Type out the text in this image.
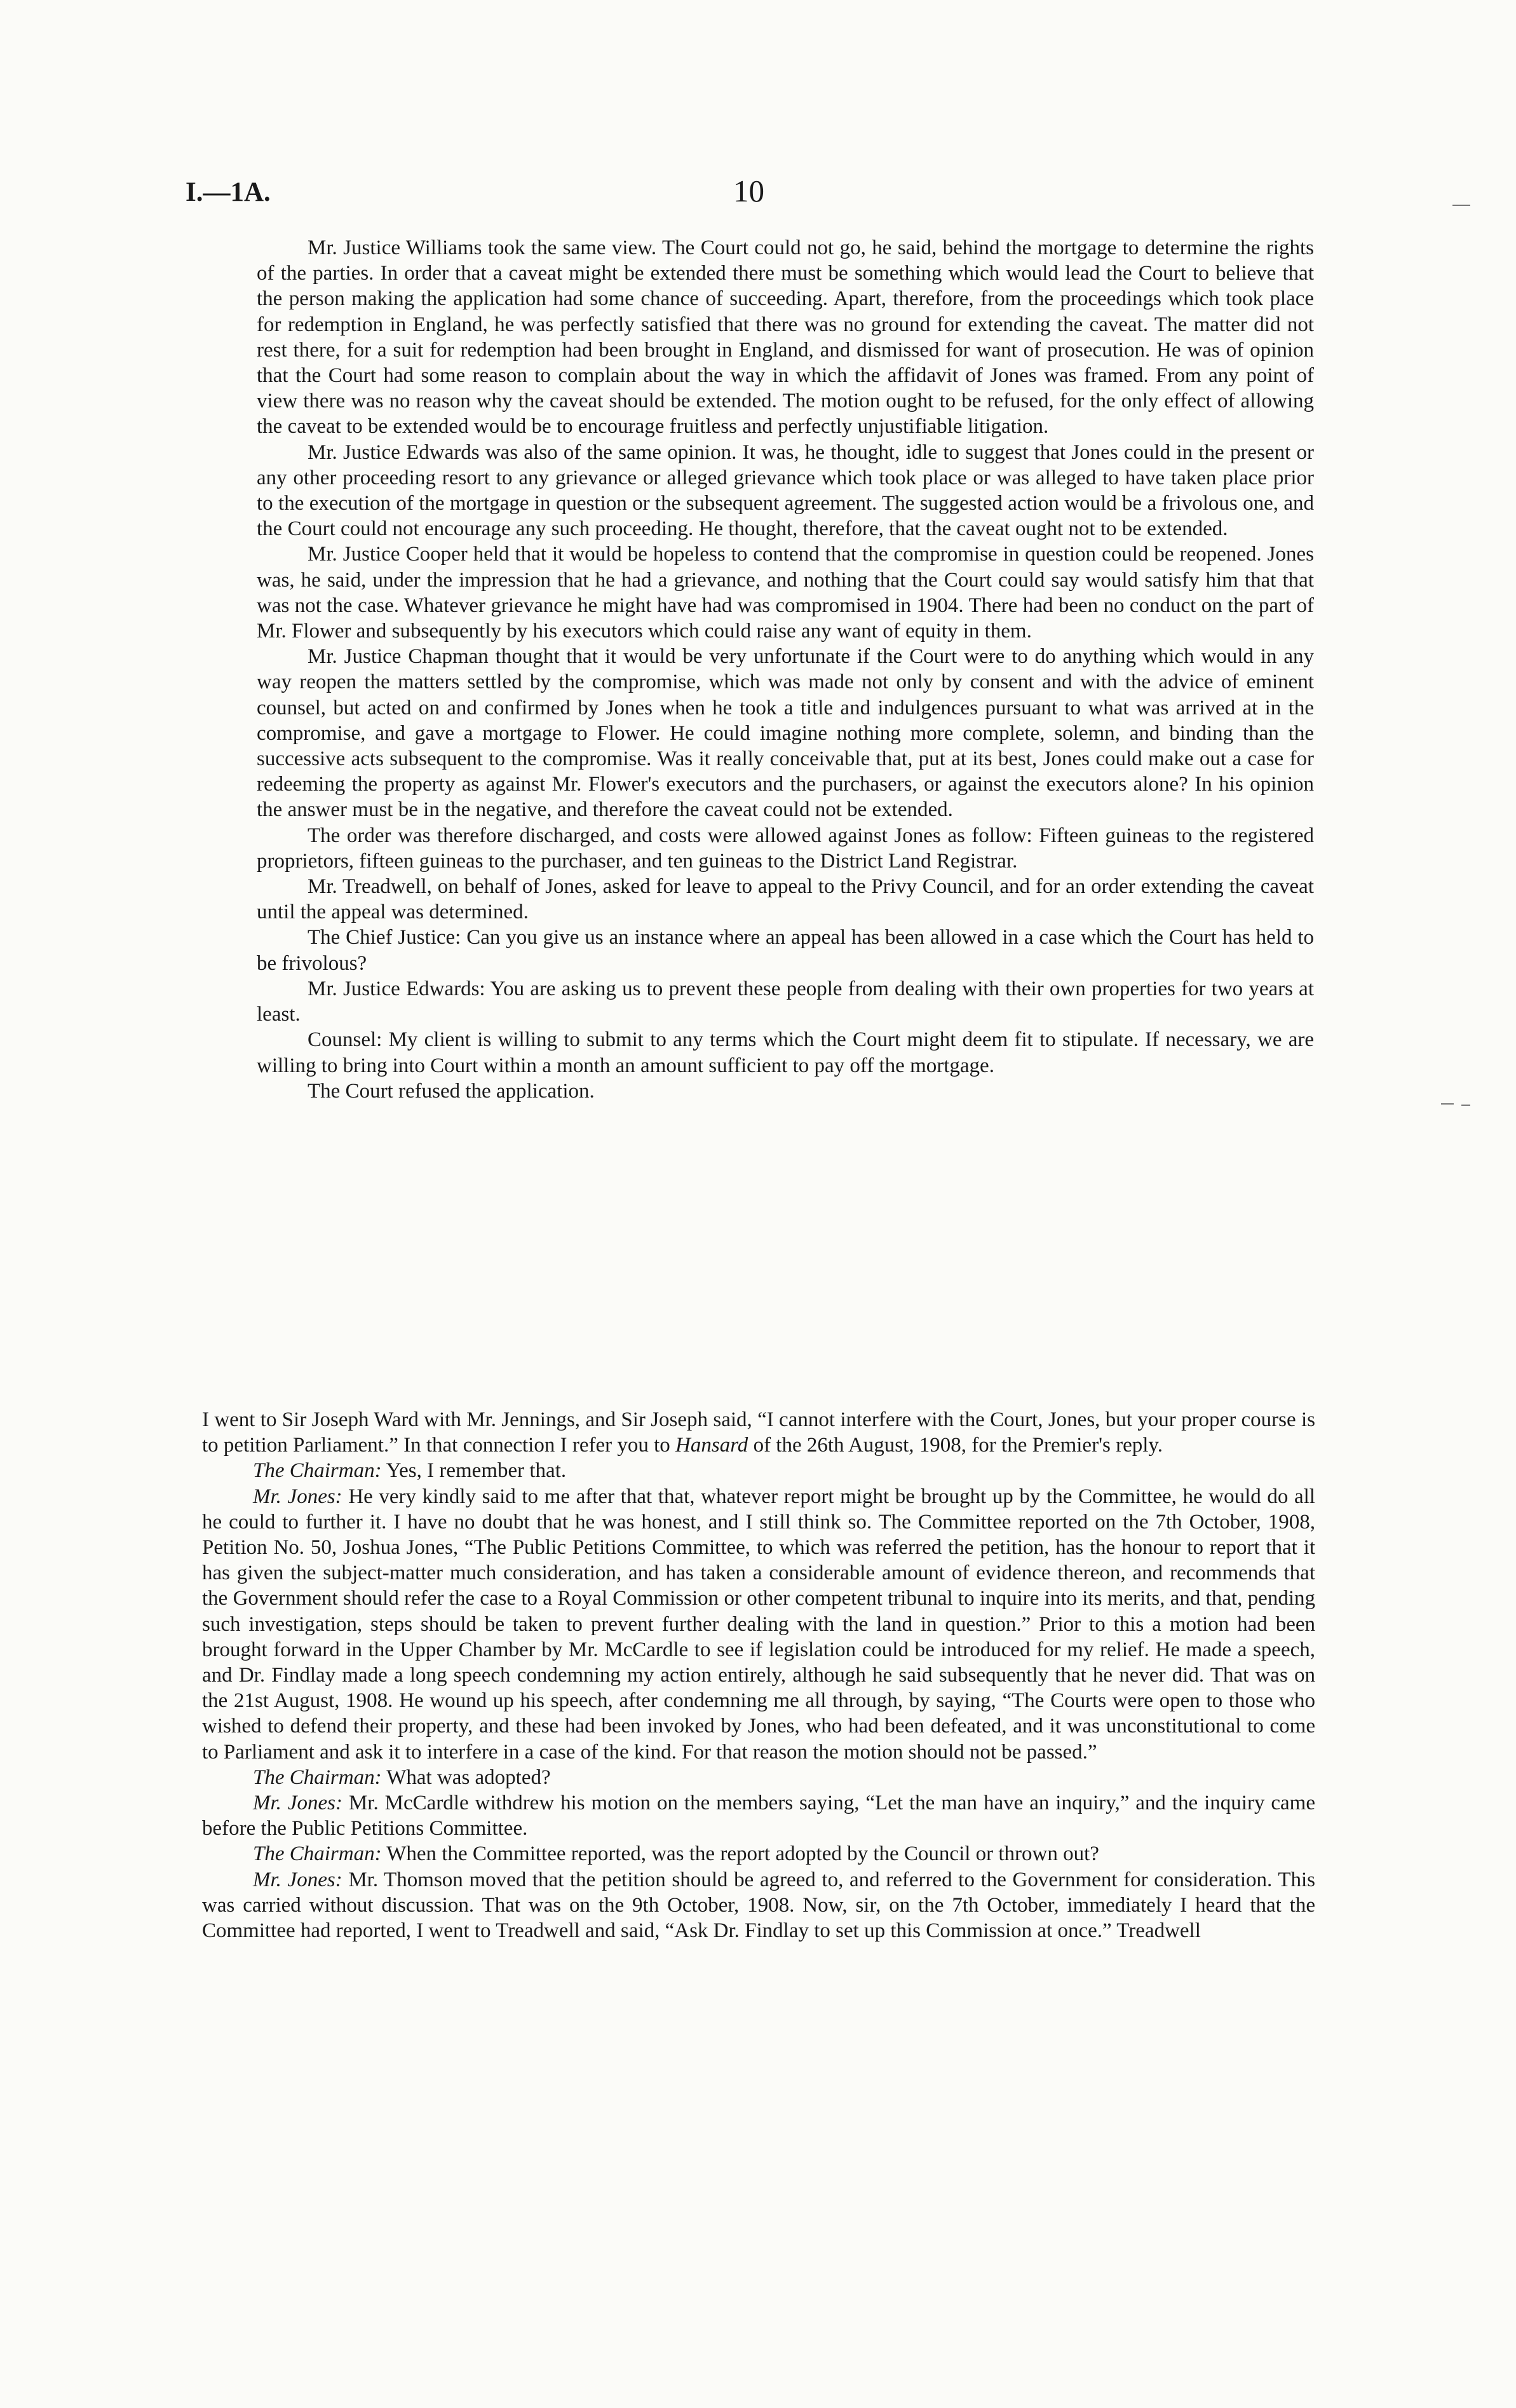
I.—1A.	10

Mr. Justice Williams took the same view. The Court could not go, he said, behind the mortgage to determine the rights of the parties. In order that a caveat might be extended there must be something which would lead the Court to believe that the person making the application had some chance of succeeding. Apart, therefore, from the proceedings which took place for redemption in England, he was perfectly satisfied that there was no ground for extending the caveat. The matter did not rest there, for a suit for redemption had been brought in England, and dismissed for want of prosecution. He was of opinion that the Court had some reason to complain about the way in which the affidavit of Jones was framed. From any point of view there was no reason why the caveat should be extended. The motion ought to be refused, for the only effect of allowing the caveat to be extended would be to encourage fruitless and perfectly unjustifiable litigation.

Mr. Justice Edwards was also of the same opinion. It was, he thought, idle to suggest that Jones could in the present or any other proceeding resort to any grievance or alleged grievance which took place or was alleged to have taken place prior to the execution of the mortgage in question or the subsequent agreement. The suggested action would be a frivolous one, and the Court could not encourage any such proceeding. He thought, therefore, that the caveat ought not to be extended.

Mr. Justice Cooper held that it would be hopeless to contend that the compromise in question could be reopened. Jones was, he said, under the impression that he had a grievance, and nothing that the Court could say would satisfy him that that was not the case. Whatever grievance he might have had was compromised in 1904. There had been no conduct on the part of Mr. Flower and subsequently by his executors which could raise any want of equity in them.

Mr. Justice Chapman thought that it would be very unfortunate if the Court were to do anything which would in any way reopen the matters settled by the compromise, which was made not only by consent and with the advice of eminent counsel, but acted on and confirmed by Jones when he took a title and indulgences pursuant to what was arrived at in the compromise, and gave a mortgage to Flower. He could imagine nothing more complete, solemn, and binding than the successive acts subsequent to the compromise. Was it really conceivable that, put at its best, Jones could make out a case for redeeming the property as against Mr. Flower's executors and the purchasers, or against the executors alone? In his opinion the answer must be in the negative, and therefore the caveat could not be extended.

The order was therefore discharged, and costs were allowed against Jones as follow: Fifteen guineas to the registered proprietors, fifteen guineas to the purchaser, and ten guineas to the District Land Registrar.

Mr. Treadwell, on behalf of Jones, asked for leave to appeal to the Privy Council, and for an order extending the caveat until the appeal was determined.

The Chief Justice: Can you give us an instance where an appeal has been allowed in a case which the Court has held to be frivolous?

Mr. Justice Edwards: You are asking us to prevent these people from dealing with their own properties for two years at least.

Counsel: My client is willing to submit to any terms which the Court might deem fit to stipulate. If necessary, we are willing to bring into Court within a month an amount sufficient to pay off the mortgage.

The Court refused the application.

I went to Sir Joseph Ward with Mr. Jennings, and Sir Joseph said, “I cannot interfere with the Court, Jones, but your proper course is to petition Parliament.” In that connection I refer you to Hansard of the 26th August, 1908, for the Premier's reply.

The Chairman: Yes, I remember that.

Mr. Jones: He very kindly said to me after that that, whatever report might be brought up by the Committee, he would do all he could to further it. I have no doubt that he was honest, and I still think so. The Committee reported on the 7th October, 1908, Petition No. 50, Joshua Jones, “The Public Petitions Committee, to which was referred the petition, has the honour to report that it has given the subject-matter much consideration, and has taken a considerable amount of evidence thereon, and recommends that the Government should refer the case to a Royal Commission or other competent tribunal to inquire into its merits, and that, pending such investigation, steps should be taken to prevent further dealing with the land in question.” Prior to this a motion had been brought forward in the Upper Chamber by Mr. McCardle to see if legislation could be introduced for my relief. He made a speech, and Dr. Findlay made a long speech condemning my action entirely, although he said subsequently that he never did. That was on the 21st August, 1908. He wound up his speech, after condemning me all through, by saying, “The Courts were open to those who wished to defend their property, and these had been invoked by Jones, who had been defeated, and it was unconstitutional to come to Parliament and ask it to interfere in a case of the kind. For that reason the motion should not be passed.”

The Chairman: What was adopted?

Mr. Jones: Mr. McCardle withdrew his motion on the members saying, “Let the man have an inquiry,” and the inquiry came before the Public Petitions Committee.

The Chairman: When the Committee reported, was the report adopted by the Council or thrown out?

Mr. Jones: Mr. Thomson moved that the petition should be agreed to, and referred to the Government for consideration. This was carried without discussion. That was on the 9th October, 1908. Now, sir, on the 7th October, immediately I heard that the Committee had reported, I went to Treadwell and said, “Ask Dr. Findlay to set up this Commission at once.” Treadwell
